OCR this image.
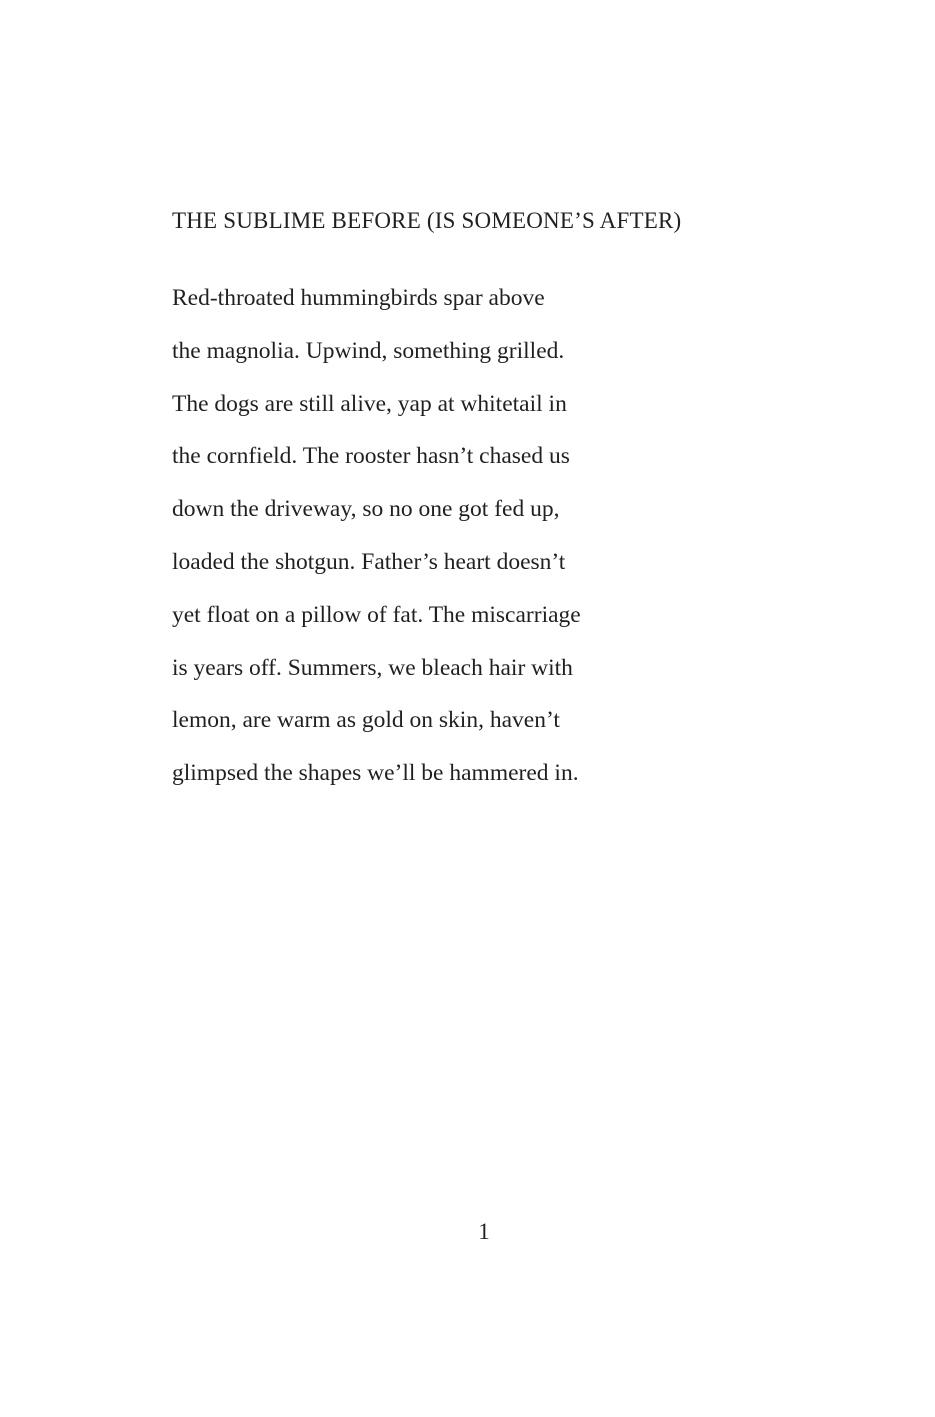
THE SUBLIME BEFORE (IS SOMEONE’S AFTER)
Red-throated hummingbirds spar above
the magnolia. Upwind, something grilled.
The dogs are still alive, yap at whitetail in
the cornfield. The rooster hasn’t chased us
down the driveway, so no one got fed up,
loaded the shotgun. Father’s heart doesn’t
yet float on a pillow of fat. The miscarriage
is years off. Summers, we bleach hair with
lemon, are warm as gold on skin, haven’t
glimpsed the shapes we’ll be hammered in.
1
